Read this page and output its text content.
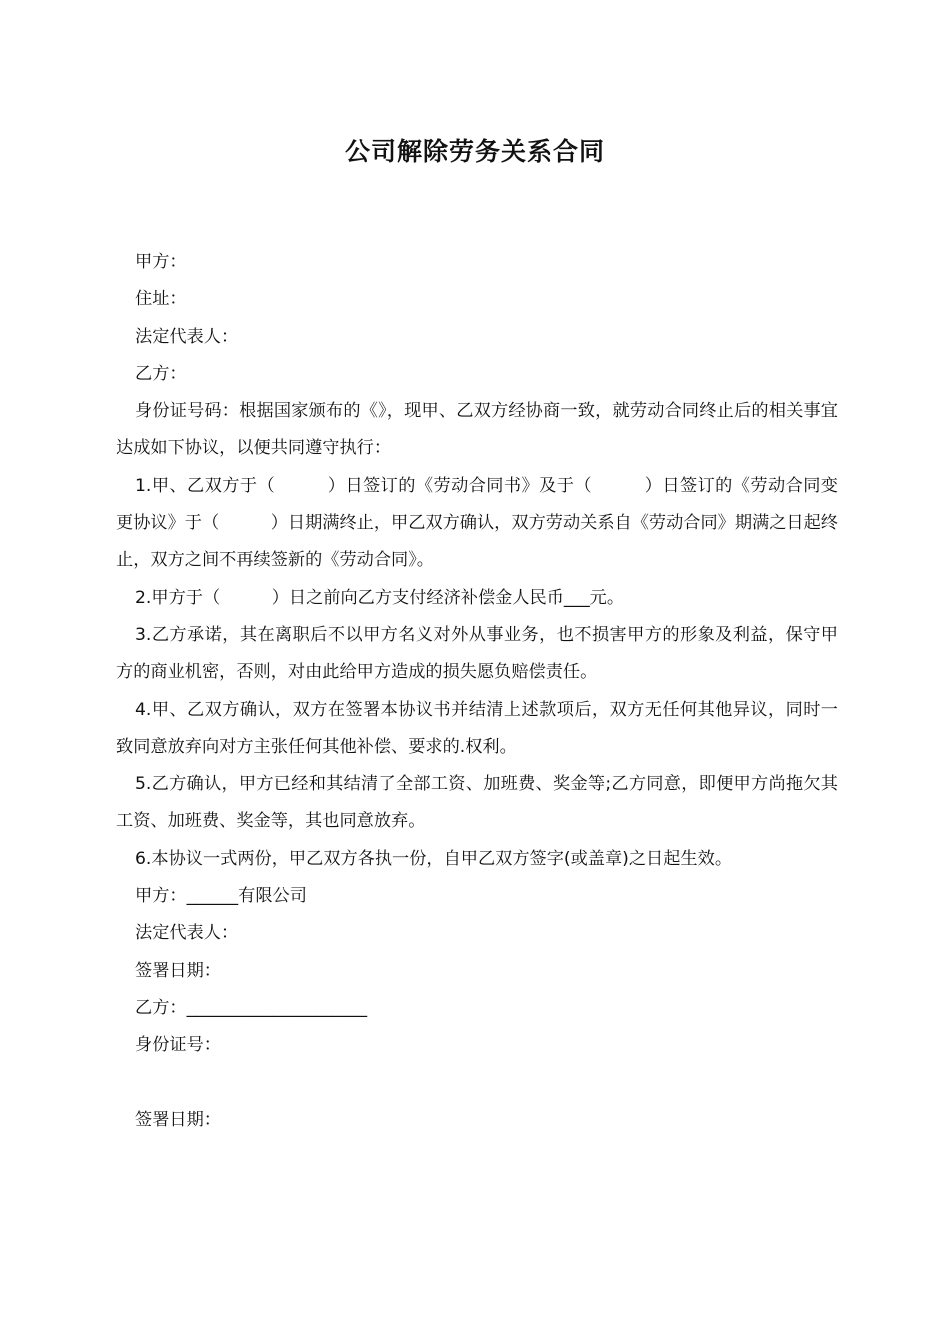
公司解除劳务关系合同

甲方：

住址：

法定代表人：

乙方：

身份证号码：根据国家颁布的《》，现甲、乙双方经协商一致，就劳动合同终止后的相关事宜达成如下协议，以便共同遵守执行：

1.甲、乙双方于（　　　）日签订的《劳动合同书》及于（　　　）日签订的《劳动合同变更协议》于（　　　）日期满终止，甲乙双方确认，双方劳动关系自《劳动合同》期满之日起终止，双方之间不再续签新的《劳动合同》。

2.甲方于（　　　）日之前向乙方支付经济补偿金人民币___元。

3.乙方承诺，其在离职后不以甲方名义对外从事业务，也不损害甲方的形象及利益，保守甲方的商业机密，否则，对由此给甲方造成的损失愿负赔偿责任。

4.甲、乙双方确认，双方在签署本协议书并结清上述款项后，双方无任何其他异议，同时一致同意放弃向对方主张任何其他补偿、要求的.权利。

5.乙方确认，甲方已经和其结清了全部工资、加班费、奖金等;乙方同意，即便甲方尚拖欠其工资、加班费、奖金等，其也同意放弃。

6.本协议一式两份，甲乙双方各执一份，自甲乙双方签字(或盖章)之日起生效。

甲方：______有限公司

法定代表人：

签署日期：

乙方：_____________________

身份证号：

签署日期：
